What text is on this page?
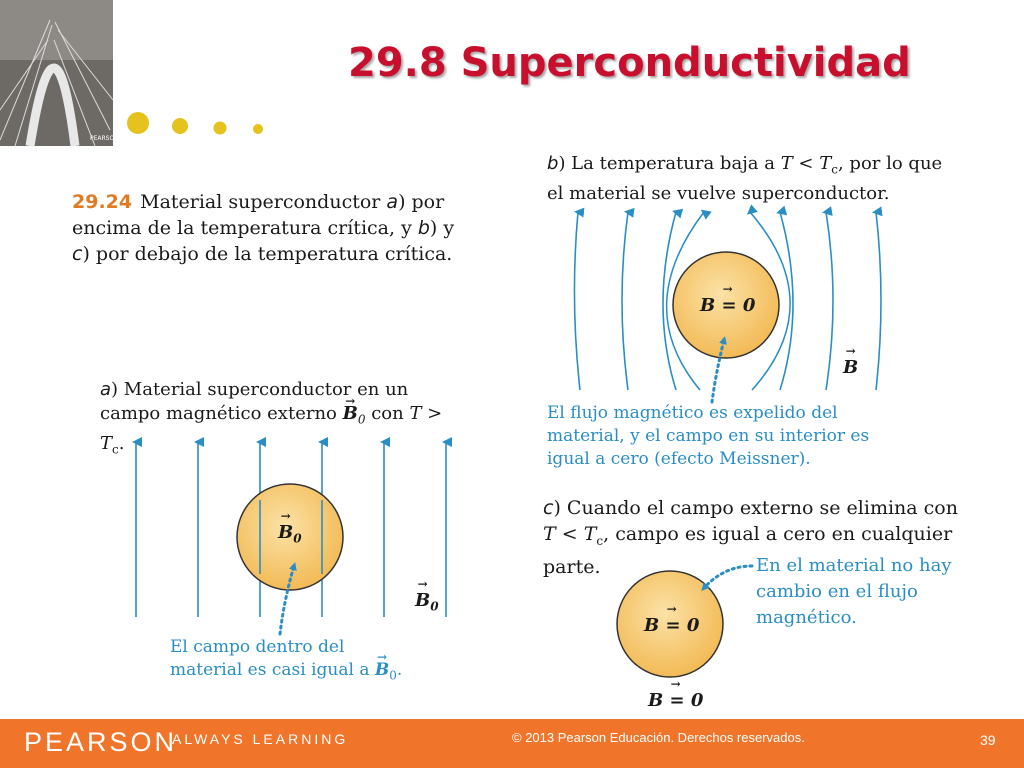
PEARSON
29.8 Superconductividad
29.24 Material superconductor a) por encima de la temperatura crítica, y b) y c) por debajo de la temperatura crítica.
a) Material superconductor en un campo magnético externo → $B_0$ con $T > T_c$.
→ $B_0$
→ $B_0$
El campo dentro del
material es casi igual $a \to B_0$.
b) La temperatura baja a $T < T_c$, por lo que el material se vuelve superconductor.
→ B = 0
→ B
El flujo magnético es expelido del material, y el campo en su interior es igual a cero (efecto Meissner).
c) Cuando el campo externo se elimina con $T < T_c$, campo es igual a cero en cualquier parte.
→ B = 0
→ B = 0
En el material no hay cambio en el flujo magnético.
PEARSON
ALWAYS LEARNING	© 2013 Pearson Educación. Derechos reservados.	39
